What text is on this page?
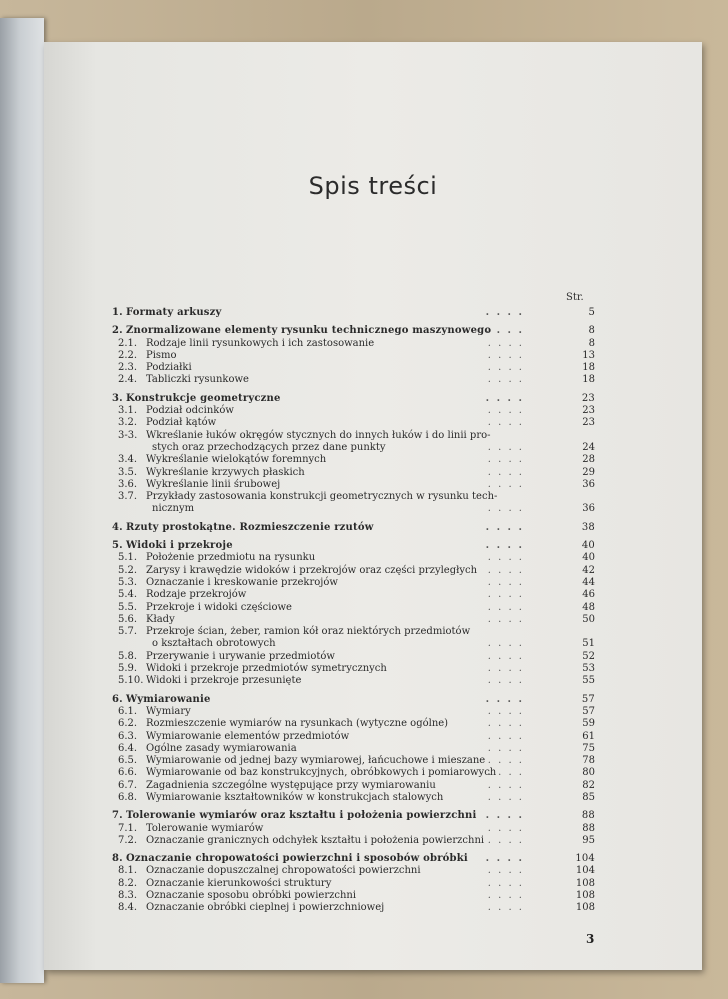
Spis treści
Str.
1. Formaty arkuszy	. . . .	5
2. Znormalizowane elementy rysunku technicznego maszynowego
. . . .	8
2.1. Rodzaje linii rysunkowych i ich zastosowanie	. . . .	8
2.2. Pismo	. . . .	13
2.3. Podziałki	. . . .	18
2.4. Tabliczki rysunkowe	. . . .	18
3. Konstrukcje geometryczne	. . . .	23
3.1. Podział odcinków	. . . .	23
3.2. Podział kątów	. . . .	23
3-3. Wkreślanie łuków okręgów stycznych do innych łuków i do linii pro-
stych oraz przechodzących przez dane punkty	. . . .	24
3.4. Wykreślanie wielokątów foremnych	. . . .	28
3.5. Wykreślanie krzywych płaskich	. . . .	29
3.6. Wykreślanie linii śrubowej	. . . .	36
3.7. Przykłady zastosowania konstrukcji geometrycznych w rysunku tech-
nicznym	. . . .	36
4. Rzuty prostokątne. Rozmieszczenie rzutów	. . . .	38
5. Widoki i przekroje	. . . .	40
5.1. Położenie przedmiotu na rysunku	. . . .	40
5.2. Zarysy i krawędzie widoków i przekrojów oraz części przyległych . . . .	42
5.3. Oznaczanie i kreskowanie przekrojów	. . . .	44
5.4. Rodzaje przekrojów	. . . .	46
5.5. Przekroje i widoki częściowe	. . . .	48
5.6. Kłady	. . . .	50
5.7. Przekroje ścian, żeber, ramion kół oraz niektórych przedmiotów
o kształtach obrotowych	. . . .	51
5.8. Przerywanie i urywanie przedmiotów	. . . .	52
5.9. Widoki i przekroje przedmiotów symetrycznych	. . . .	53
5.10. Widoki i przekroje przesunięte	. . . .	55
6. Wymiarowanie	. . . .	57
6.1. Wymiary	. . . .	57
6.2. Rozmieszczenie wymiarów na rysunkach (wytyczne ogólne)	. . . .	59
6.3. Wymiarowanie elementów przedmiotów	. . . .	61
6.4. Ogólne zasady wymiarowania	. . . .	75
6.5. Wymiarowanie od jednej bazy wymiarowej, łańcuchowe i mieszane . . . .	78
6.6. Wymiarowanie od baz konstrukcyjnych, obróbkowych i pomiarowych
. . . .	80
6.7. Zagadnienia szczególne występujące przy wymiarowaniu	. . . .	82
6.8. Wymiarowanie kształtowników w konstrukcjach stalowych	. . . .	85
7. Tolerowanie wymiarów oraz kształtu i położenia powierzchni . . . .	88
7.1. Tolerowanie wymiarów	. . . .	88
7.2. Oznaczanie granicznych odchyłek kształtu i położenia powierzchni . . . .	95
8. Oznaczanie chropowatości powierzchni i sposobów obróbki . . . .	104
8.1. Oznaczanie dopuszczalnej chropowatości powierzchni	. . . .	104
8.2. Oznaczanie kierunkowości struktury	. . . .	108
8.3. Oznaczanie sposobu obróbki powierzchni	. . . .	108
8.4. Oznaczanie obróbki cieplnej i powierzchniowej	. . . .	108
3
